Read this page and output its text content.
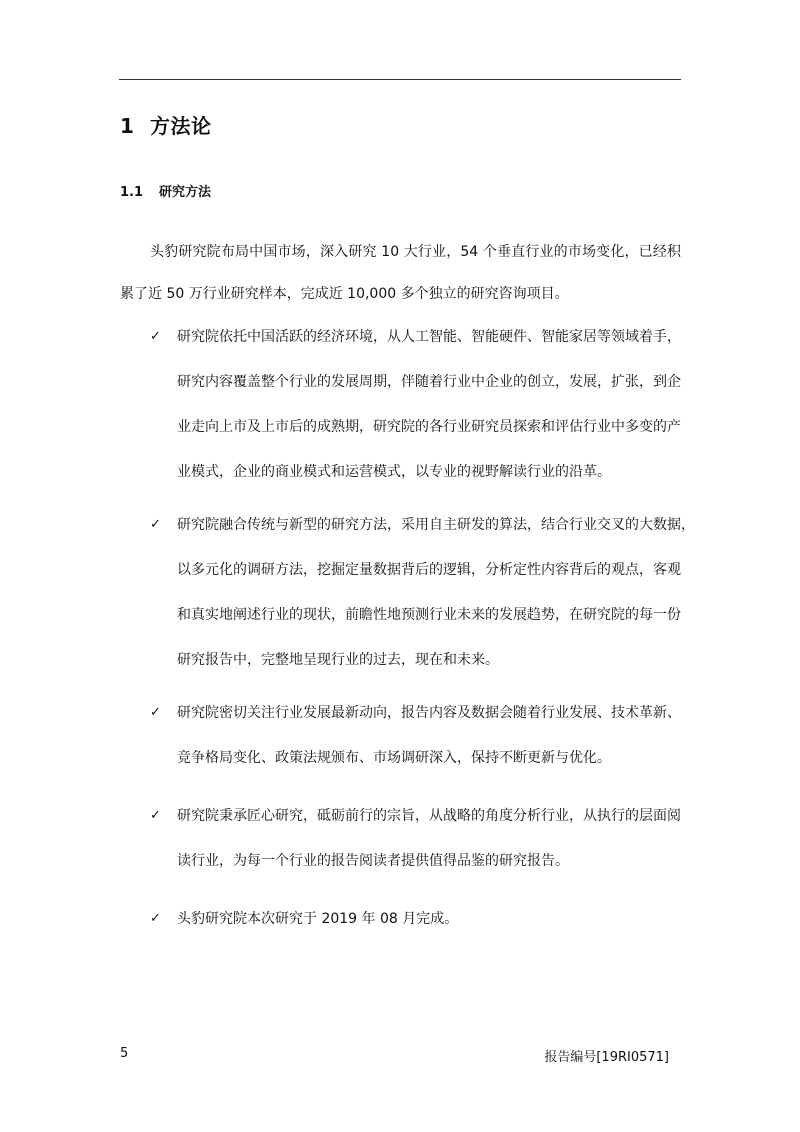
1 方法论
1.1 研究方法
头豹研究院布局中国市场，深入研究 10 大行业，54 个垂直行业的市场变化，已经积
累了近 50 万行业研究样本，完成近 10,000 多个独立的研究咨询项目。
✓	研究院依托中国活跃的经济环境，从人工智能、智能硬件、智能家居等领域着手，
研究内容覆盖整个行业的发展周期，伴随着行业中企业的创立，发展，扩张，到企
业走向上市及上市后的成熟期，研究院的各行业研究员探索和评估行业中多变的产
业模式，企业的商业模式和运营模式，以专业的视野解读行业的沿革。
✓	研究院融合传统与新型的研究方法，采用自主研发的算法，结合行业交叉的大数据，
以多元化的调研方法，挖掘定量数据背后的逻辑，分析定性内容背后的观点，客观
和真实地阐述行业的现状，前瞻性地预测行业未来的发展趋势，在研究院的每一份
研究报告中，完整地呈现行业的过去，现在和未来。
✓	研究院密切关注行业发展最新动向，报告内容及数据会随着行业发展、技术革新、
竞争格局变化、政策法规颁布、市场调研深入，保持不断更新与优化。
✓	研究院秉承匠心研究，砥砺前行的宗旨，从战略的角度分析行业，从执行的层面阅
读行业，为每一个行业的报告阅读者提供值得品鉴的研究报告。
✓	头豹研究院本次研究于 2019 年 08 月完成。
5	报告编号[19RI0571]
